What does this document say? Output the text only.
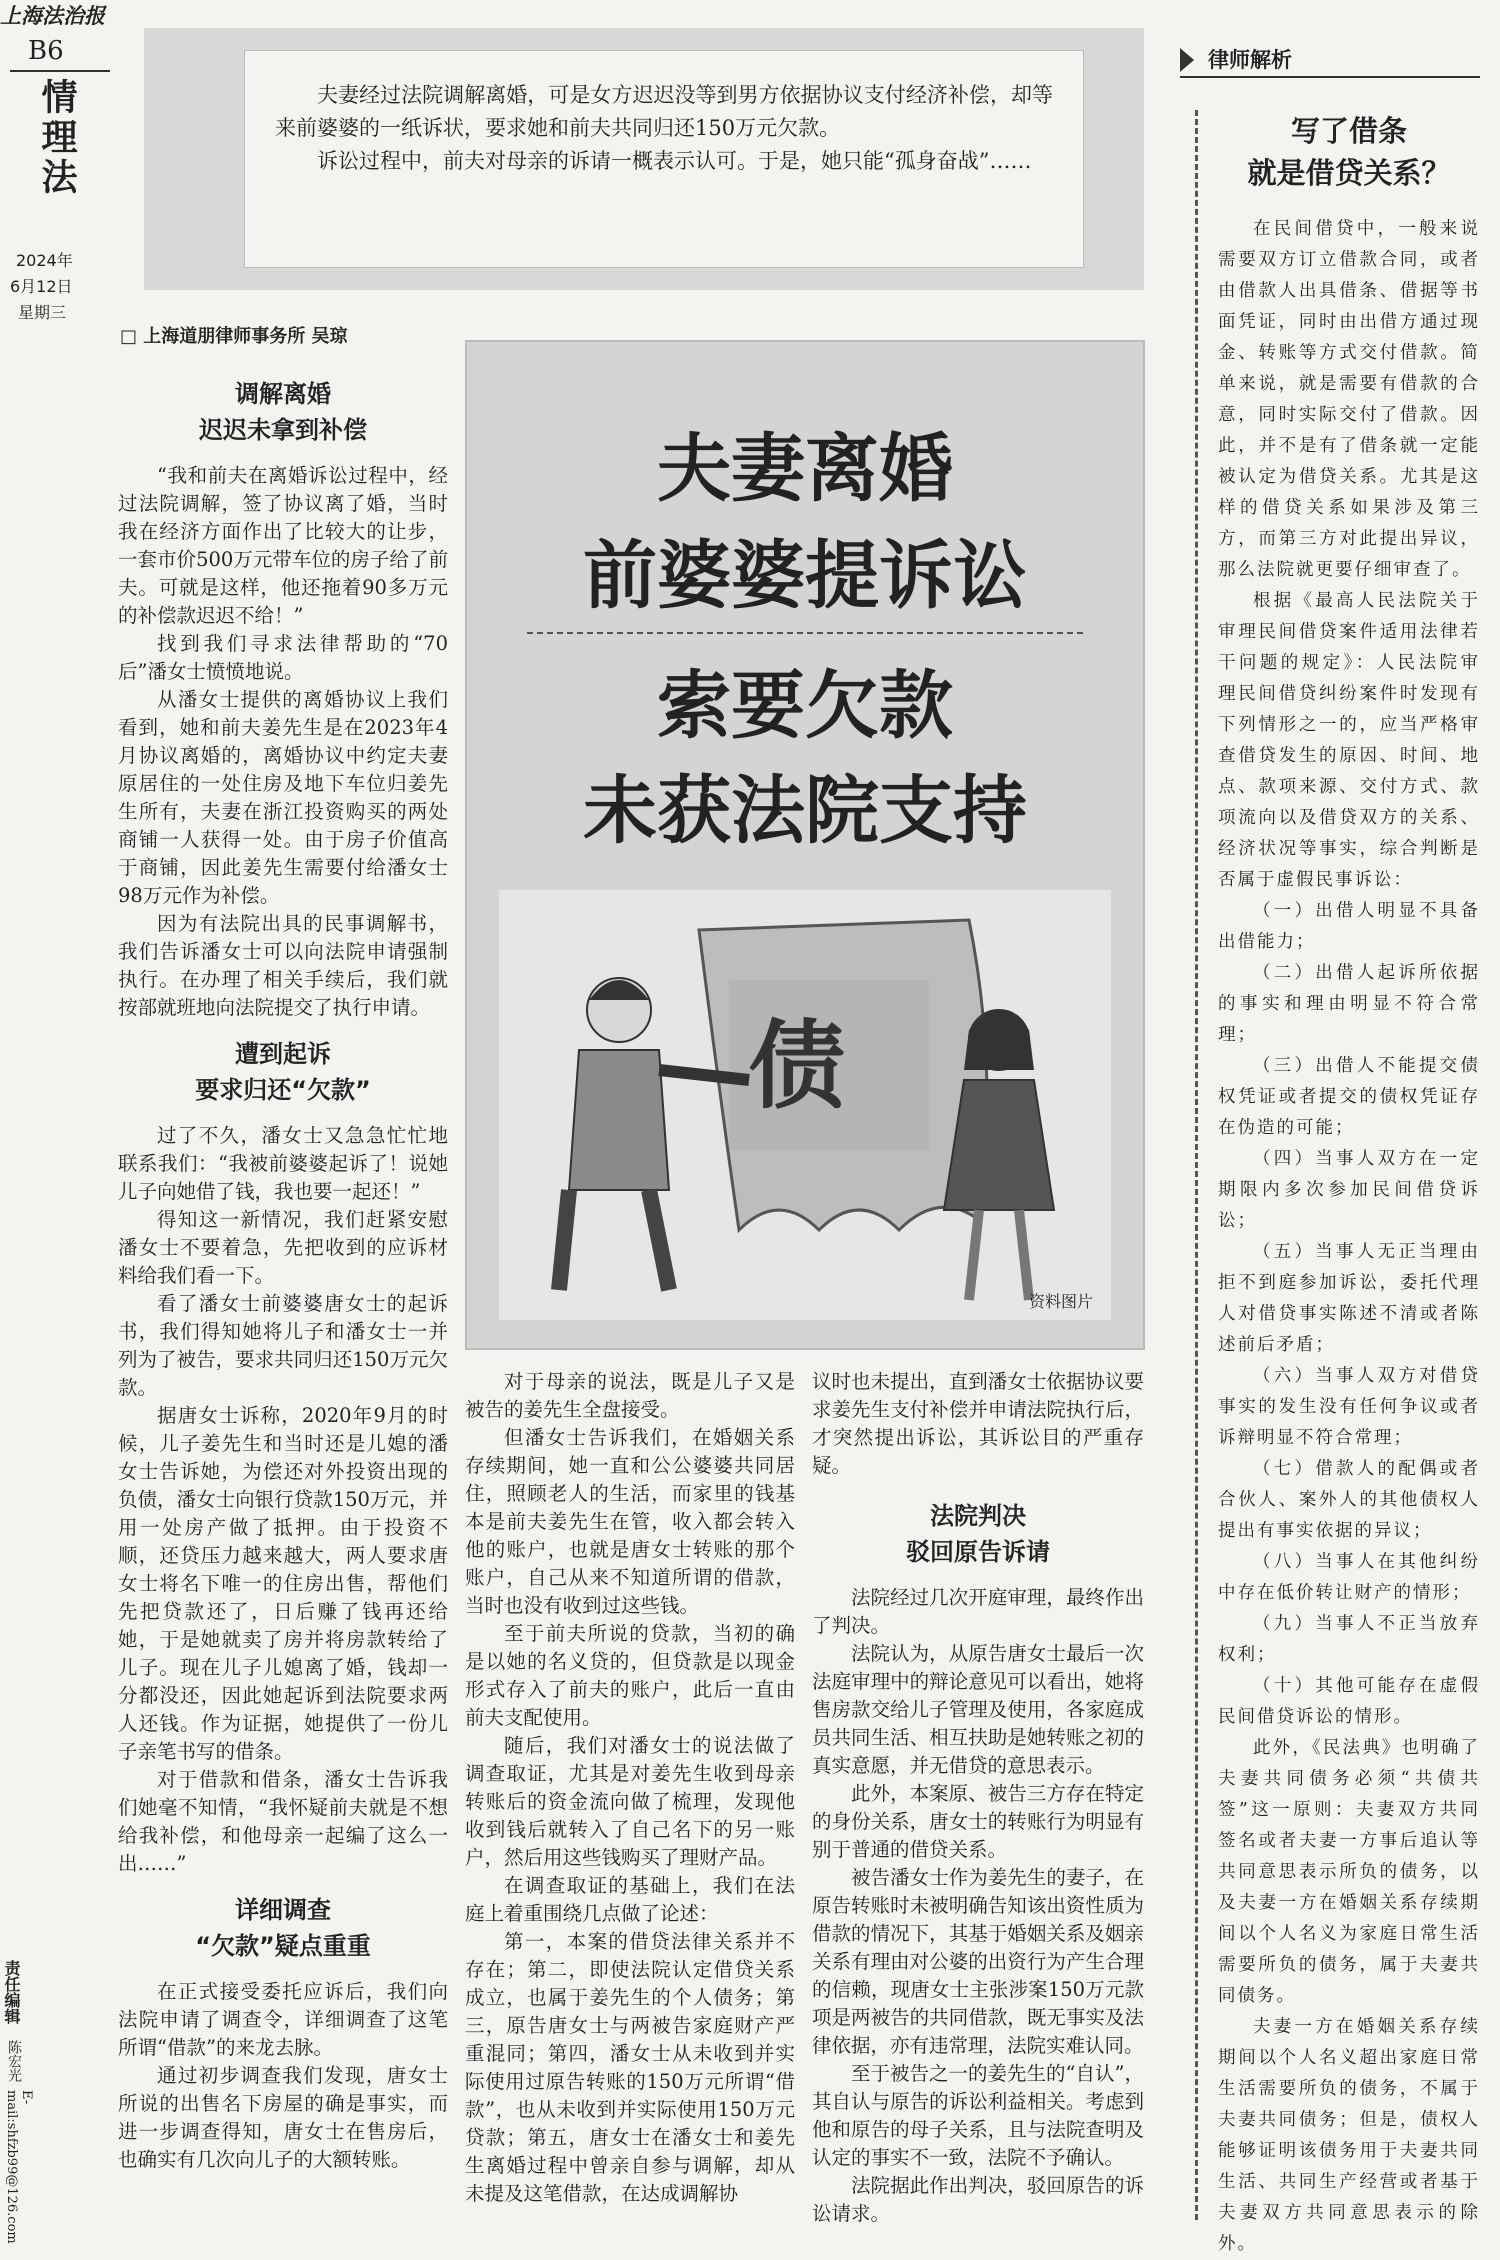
上海法治报
B6
情理法
2024年
6月12日
星期三
责任编辑
陈宏光
E-mail:shfzb99@126.com

夫妻经过法院调解离婚，可是女方迟迟没等到男方依据协议支付经济补偿，却等来前婆婆的一纸诉状，要求她和前夫共同归还150万元欠款。

诉讼过程中，前夫对母亲的诉请一概表示认可。于是，她只能“孤身奋战”……

□ 上海道朋律师事务所 吴琼
夫妻离婚
前婆婆提诉讼
索要欠款
未获法院支持
债
资料图片

调解离婚

迟迟未拿到补偿

“我和前夫在离婚诉讼过程中，经过法院调解，签了协议离了婚，当时我在经济方面作出了比较大的让步，一套市价500万元带车位的房子给了前夫。可就是这样，他还拖着90多万元的补偿款迟迟不给！”

找到我们寻求法律帮助的“70后”潘女士愤愤地说。

从潘女士提供的离婚协议上我们看到，她和前夫姜先生是在2023年4月协议离婚的，离婚协议中约定夫妻原居住的一处住房及地下车位归姜先生所有，夫妻在浙江投资购买的两处商铺一人获得一处。由于房子价值高于商铺，因此姜先生需要付给潘女士98万元作为补偿。

因为有法院出具的民事调解书，我们告诉潘女士可以向法院申请强制执行。在办理了相关手续后，我们就按部就班地向法院提交了执行申请。

遭到起诉

要求归还“欠款”

过了不久，潘女士又急急忙忙地联系我们：“我被前婆婆起诉了！说她儿子向她借了钱，我也要一起还！”

得知这一新情况，我们赶紧安慰潘女士不要着急，先把收到的应诉材料给我们看一下。

看了潘女士前婆婆唐女士的起诉书，我们得知她将儿子和潘女士一并列为了被告，要求共同归还150万元欠款。

据唐女士诉称，2020年9月的时候，儿子姜先生和当时还是儿媳的潘女士告诉她，为偿还对外投资出现的负债，潘女士向银行贷款150万元，并用一处房产做了抵押。由于投资不顺，还贷压力越来越大，两人要求唐女士将名下唯一的住房出售，帮他们先把贷款还了，日后赚了钱再还给她，于是她就卖了房并将房款转给了儿子。现在儿子儿媳离了婚，钱却一分都没还，因此她起诉到法院要求两人还钱。作为证据，她提供了一份儿子亲笔书写的借条。

对于借款和借条，潘女士告诉我们她毫不知情，“我怀疑前夫就是不想给我补偿，和他母亲一起编了这么一出……”

详细调查

“欠款”疑点重重

在正式接受委托应诉后，我们向法院申请了调查令，详细调查了这笔所谓“借款”的来龙去脉。

通过初步调查我们发现，唐女士所说的出售名下房屋的确是事实，而进一步调查得知，唐女士在售房后，也确实有几次向儿子的大额转账。

对于母亲的说法，既是儿子又是被告的姜先生全盘接受。

但潘女士告诉我们，在婚姻关系存续期间，她一直和公公婆婆共同居住，照顾老人的生活，而家里的钱基本是前夫姜先生在管，收入都会转入他的账户，也就是唐女士转账的那个账户，自己从来不知道所谓的借款，当时也没有收到过这些钱。

至于前夫所说的贷款，当初的确是以她的名义贷的，但贷款是以现金形式存入了前夫的账户，此后一直由前夫支配使用。

随后，我们对潘女士的说法做了调查取证，尤其是对姜先生收到母亲转账后的资金流向做了梳理，发现他收到钱后就转入了自己名下的另一账户，然后用这些钱购买了理财产品。

在调查取证的基础上，我们在法庭上着重围绕几点做了论述：

第一，本案的借贷法律关系并不存在；第二，即使法院认定借贷关系成立，也属于姜先生的个人债务；第三，原告唐女士与两被告家庭财产严重混同；第四，潘女士从未收到并实际使用过原告转账的150万元所谓“借款”，也从未收到并实际使用150万元贷款；第五，唐女士在潘女士和姜先生离婚过程中曾亲自参与调解，却从未提及这笔借款，在达成调解协

议时也未提出，直到潘女士依据协议要求姜先生支付补偿并申请法院执行后，才突然提出诉讼，其诉讼目的严重存疑。

法院判决

驳回原告诉请

法院经过几次开庭审理，最终作出了判决。

法院认为，从原告唐女士最后一次法庭审理中的辩论意见可以看出，她将售房款交给儿子管理及使用，各家庭成员共同生活、相互扶助是她转账之初的真实意愿，并无借贷的意思表示。

此外，本案原、被告三方存在特定的身份关系，唐女士的转账行为明显有别于普通的借贷关系。

被告潘女士作为姜先生的妻子，在原告转账时未被明确告知该出资性质为借款的情况下，其基于婚姻关系及姻亲关系有理由对公婆的出资行为产生合理的信赖，现唐女士主张涉案150万元款项是两被告的共同借款，既无事实及法律依据，亦有违常理，法院实难认同。

至于被告之一的姜先生的“自认”，其自认与原告的诉讼利益相关。考虑到他和原告的母子关系，且与法院查明及认定的事实不一致，法院不予确认。

法院据此作出判决，驳回原告的诉讼请求。

律师解析
写了借条
就是借贷关系？

在民间借贷中，一般来说需要双方订立借款合同，或者由借款人出具借条、借据等书面凭证，同时由出借方通过现金、转账等方式交付借款。简单来说，就是需要有借款的合意，同时实际交付了借款。因此，并不是有了借条就一定能被认定为借贷关系。尤其是这样的借贷关系如果涉及第三方，而第三方对此提出异议，那么法院就更要仔细审查了。

根据《最高人民法院关于审理民间借贷案件适用法律若干问题的规定》：人民法院审理民间借贷纠纷案件时发现有下列情形之一的，应当严格审查借贷发生的原因、时间、地点、款项来源、交付方式、款项流向以及借贷双方的关系、经济状况等事实，综合判断是否属于虚假民事诉讼：

（一）出借人明显不具备出借能力；

（二）出借人起诉所依据的事实和理由明显不符合常理；

（三）出借人不能提交债权凭证或者提交的债权凭证存在伪造的可能；

（四）当事人双方在一定期限内多次参加民间借贷诉讼；

（五）当事人无正当理由拒不到庭参加诉讼，委托代理人对借贷事实陈述不清或者陈述前后矛盾；

（六）当事人双方对借贷事实的发生没有任何争议或者诉辩明显不符合常理；

（七）借款人的配偶或者合伙人、案外人的其他债权人提出有事实依据的异议；

（八）当事人在其他纠纷中存在低价转让财产的情形；

（九）当事人不正当放弃权利；

（十）其他可能存在虚假民间借贷诉讼的情形。

此外，《民法典》也明确了夫妻共同债务必须“共债共签”这一原则：夫妻双方共同签名或者夫妻一方事后追认等共同意思表示所负的债务，以及夫妻一方在婚姻关系存续期间以个人名义为家庭日常生活需要所负的债务，属于夫妻共同债务。

夫妻一方在婚姻关系存续期间以个人名义超出家庭日常生活需要所负的债务，不属于夫妻共同债务；但是，债权人能够证明该债务用于夫妻共同生活、共同生产经营或者基于夫妻双方共同意思表示的除外。
